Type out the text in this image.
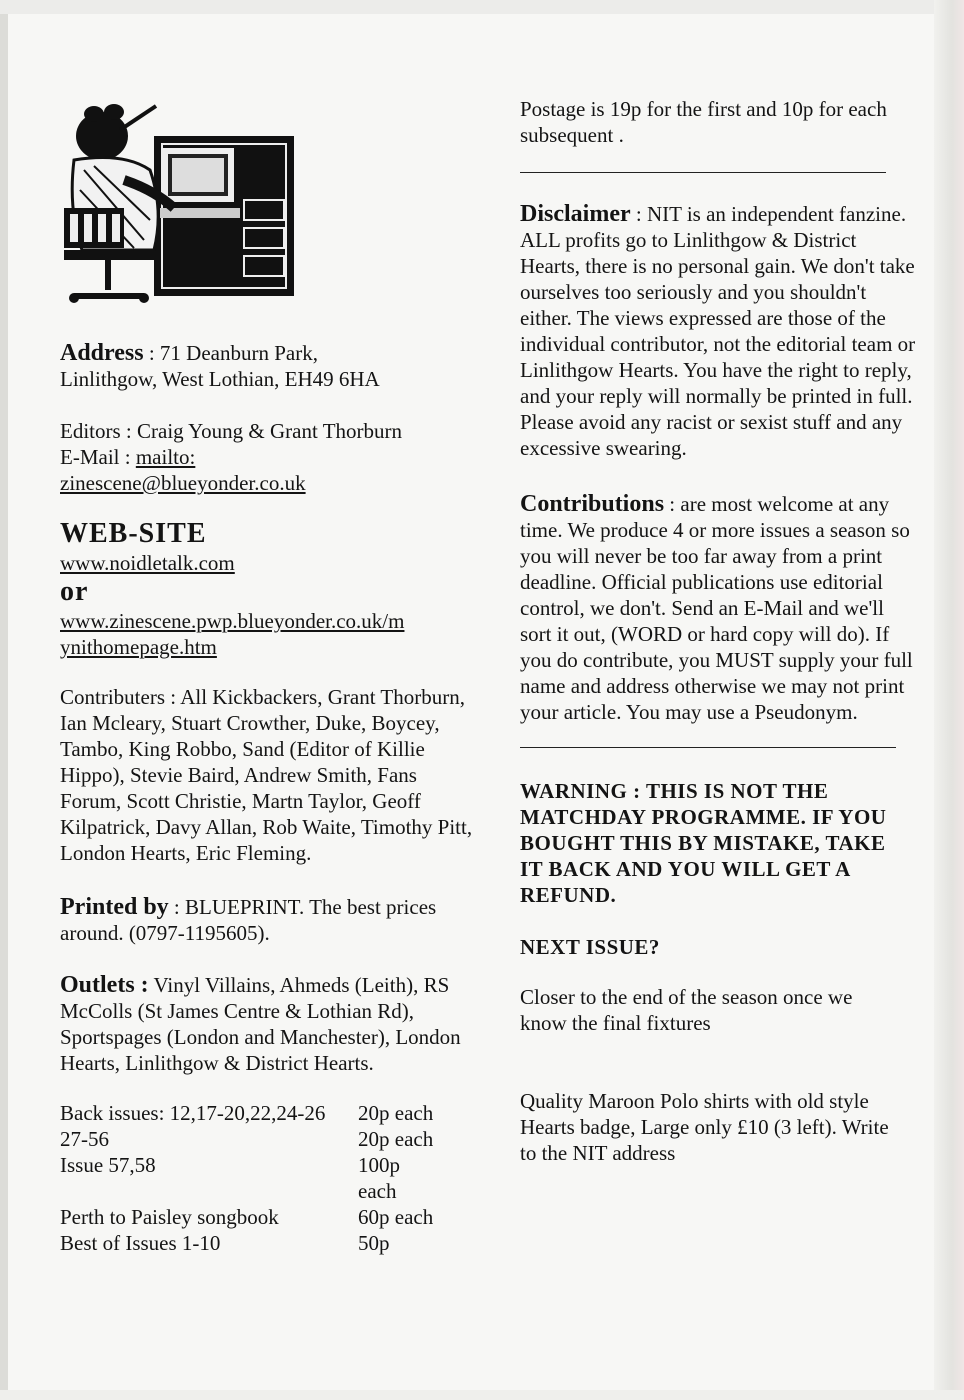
Address : 71 Deanburn Park,
Linlithgow, West Lothian, EH49 6HA

Editors : Craig Young & Grant Thorburn

E-Mail : mailto:

zinescene@blueyonder.co.uk

WEB-SITE

www.noidletalk.com

or

www.zinescene.pwp.blueyonder.co.uk/m

ynithomepage.htm

Contributers : All Kickbackers, Grant Thorburn, Ian Mcleary, Stuart Crowther, Duke, Boycey, Tambo, King Robbo, Sand (Editor of Killie Hippo), Stevie Baird, Andrew Smith, Fans Forum, Scott Christie, Martn Taylor, Geoff Kilpatrick, Davy Allan, Rob Waite, Timothy Pitt, London Hearts, Eric Fleming.

Printed by : BLUEPRINT. The best prices around. (0797-1195605).

Outlets : Vinyl Villains, Ahmeds (Leith), RS McColls (St James Centre & Lothian Rd), Sportspages (London and Manchester), London Hearts, Linlithgow & District Hearts.

Back issues: 12,17-20,22,24-26 20p each
27-56	20p each
Issue 57,58	100p each
Perth to Paisley songbook	60p each
Best of Issues 1-10	50p

Postage is 19p for the first and 10p for each subsequent .

Disclaimer : NIT is an independent fanzine. ALL profits go to Linlithgow & District Hearts, there is no personal gain. We don't take ourselves too seriously and you shouldn't either. The views expressed are those of the individual contributor, not the editorial team or Linlithgow Hearts. You have the right to reply, and your reply will normally be printed in full. Please avoid any racist or sexist stuff and any excessive swearing.

Contributions : are most welcome at any time. We produce 4 or more issues a season so you will never be too far away from a print deadline. Official publications use editorial control, we don't. Send an E-Mail and we'll sort it out, (WORD or hard copy will do). If you do contribute, you MUST supply your full name and address otherwise we may not print your article. You may use a Pseudonym.

WARNING : THIS IS NOT THE MATCHDAY PROGRAMME. IF YOU BOUGHT THIS BY MISTAKE, TAKE IT BACK AND YOU WILL GET A REFUND.

NEXT ISSUE?

Closer to the end of the season once we know the final fixtures

Quality Maroon Polo shirts with old style Hearts badge, Large only £10 (3 left). Write to the NIT address
